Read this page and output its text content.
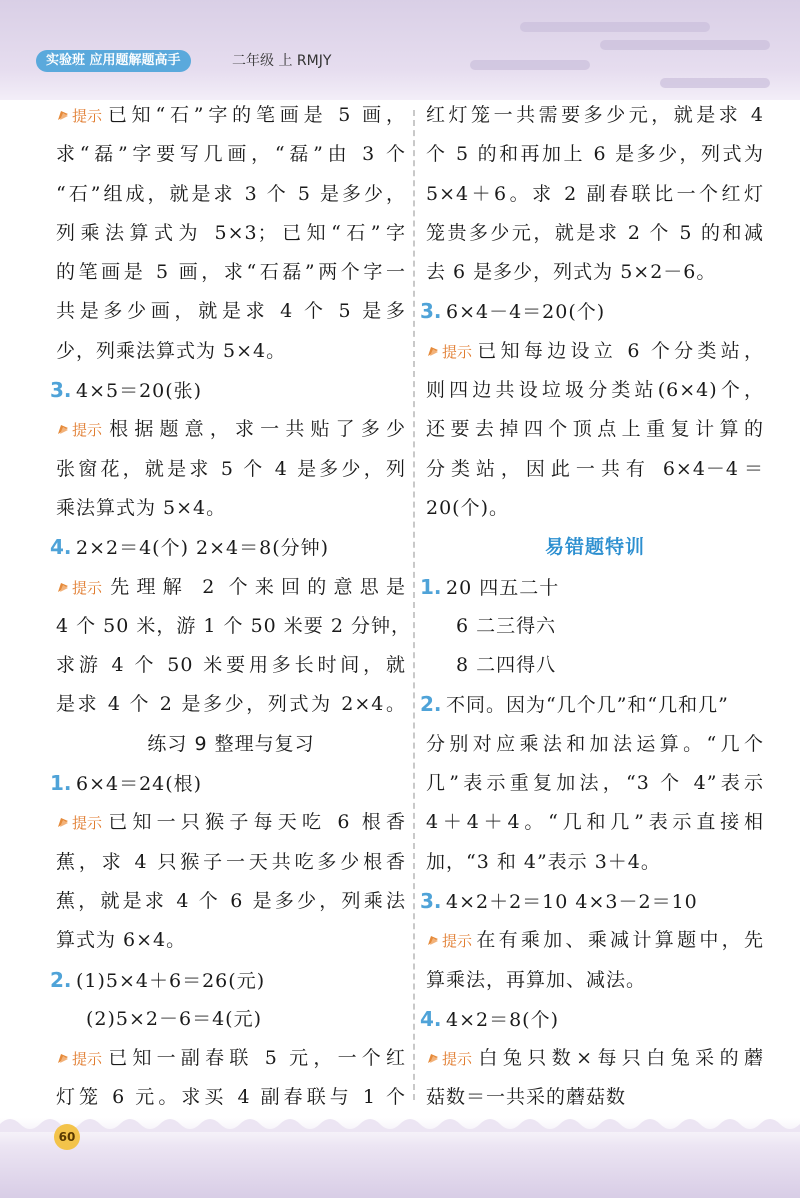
实验班 应用题解题高手	二年级 上 RMJY
提示 已知“石”字的笔画是 5 画，
求“磊”字要写几画，“磊”由 3 个
“石”组成，就是求 3 个 5 是多少，
列乘法算式为 5×3；已知“石”字
的笔画是 5 画，求“石磊”两个字一
共是多少画，就是求 4 个 5 是多
少，列乘法算式为 5×4。
3. 4×5＝20(张)
提示 根据题意，求一共贴了多少
张窗花，就是求 5 个 4 是多少，列
乘法算式为 5×4。
4. 2×2＝4(个) 2×4＝8(分钟)
提示 先理解 2 个来回的意思是
4 个 50 米，游 1 个 50 米要 2 分钟，
求游 4 个 50 米要用多长时间，就
是求 4 个 2 是多少，列式为 2×4。
练习 9 整理与复习
1. 6×4＝24(根)
提示 已知一只猴子每天吃 6 根香
蕉，求 4 只猴子一天共吃多少根香
蕉，就是求 4 个 6 是多少，列乘法
算式为 6×4。
2. (1)5×4＋6＝26(元)
(2)5×2－6＝4(元)
提示 已知一副春联 5 元，一个红
灯笼 6 元。求买 4 副春联与 1 个
红灯笼一共需要多少元，就是求 4
个 5 的和再加上 6 是多少，列式为
5×4＋6。求 2 副春联比一个红灯
笼贵多少元，就是求 2 个 5 的和减
去 6 是多少，列式为 5×2－6。
3. 6×4－4＝20(个)
提示 已知每边设立 6 个分类站，
则四边共设垃圾分类站(6×4)个，
还要去掉四个顶点上重复计算的
分类站，因此一共有 6×4－4＝
20(个)。
易错题特训
1. 20 四五二十
6 二三得六
8 二四得八
2. 不同。因为“几个几”和“几和几”
分别对应乘法和加法运算。“几个
几”表示重复加法，“3 个 4”表示
4＋4＋4。“几和几”表示直接相
加，“3 和 4”表示 3＋4。
3. 4×2＋2＝10 4×3－2＝10
提示 在有乘加、乘减计算题中，先
算乘法，再算加、减法。
4. 4×2＝8(个)
提示 白兔只数×每只白兔采的蘑
菇数＝一共采的蘑菇数
60
